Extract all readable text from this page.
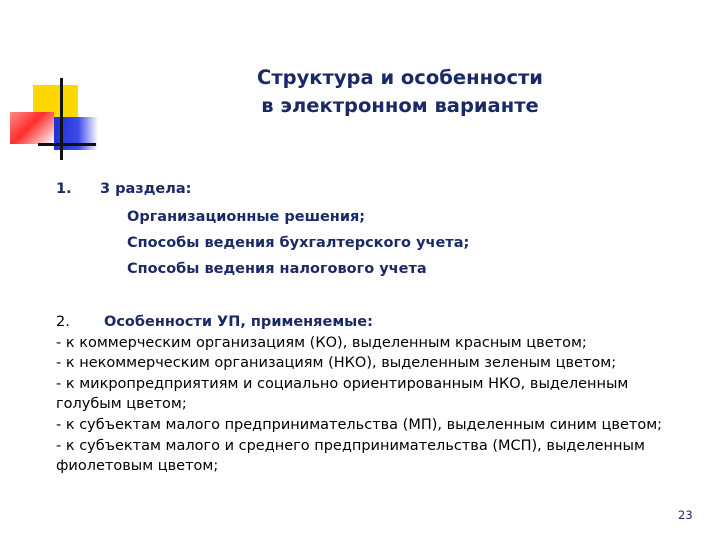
Структура и особенности
в электронном варианте
1. 3 раздела:
Организационные решения;
Способы ведения бухгалтерского учета;
Способы ведения налогового учета
2. Особенности УП, применяемые:
- к коммерческим организациям (КО), выделенным красным цветом;
- к некоммерческим организациям (НКО), выделенным зеленым цветом;
- к микропредприятиям и социально ориентированным НКО, выделенным
голубым цветом;
- к субъектам малого предпринимательства (МП), выделенным синим цветом;
- к субъектам малого и среднего предпринимательства (МСП), выделенным
фиолетовым цветом;
23
